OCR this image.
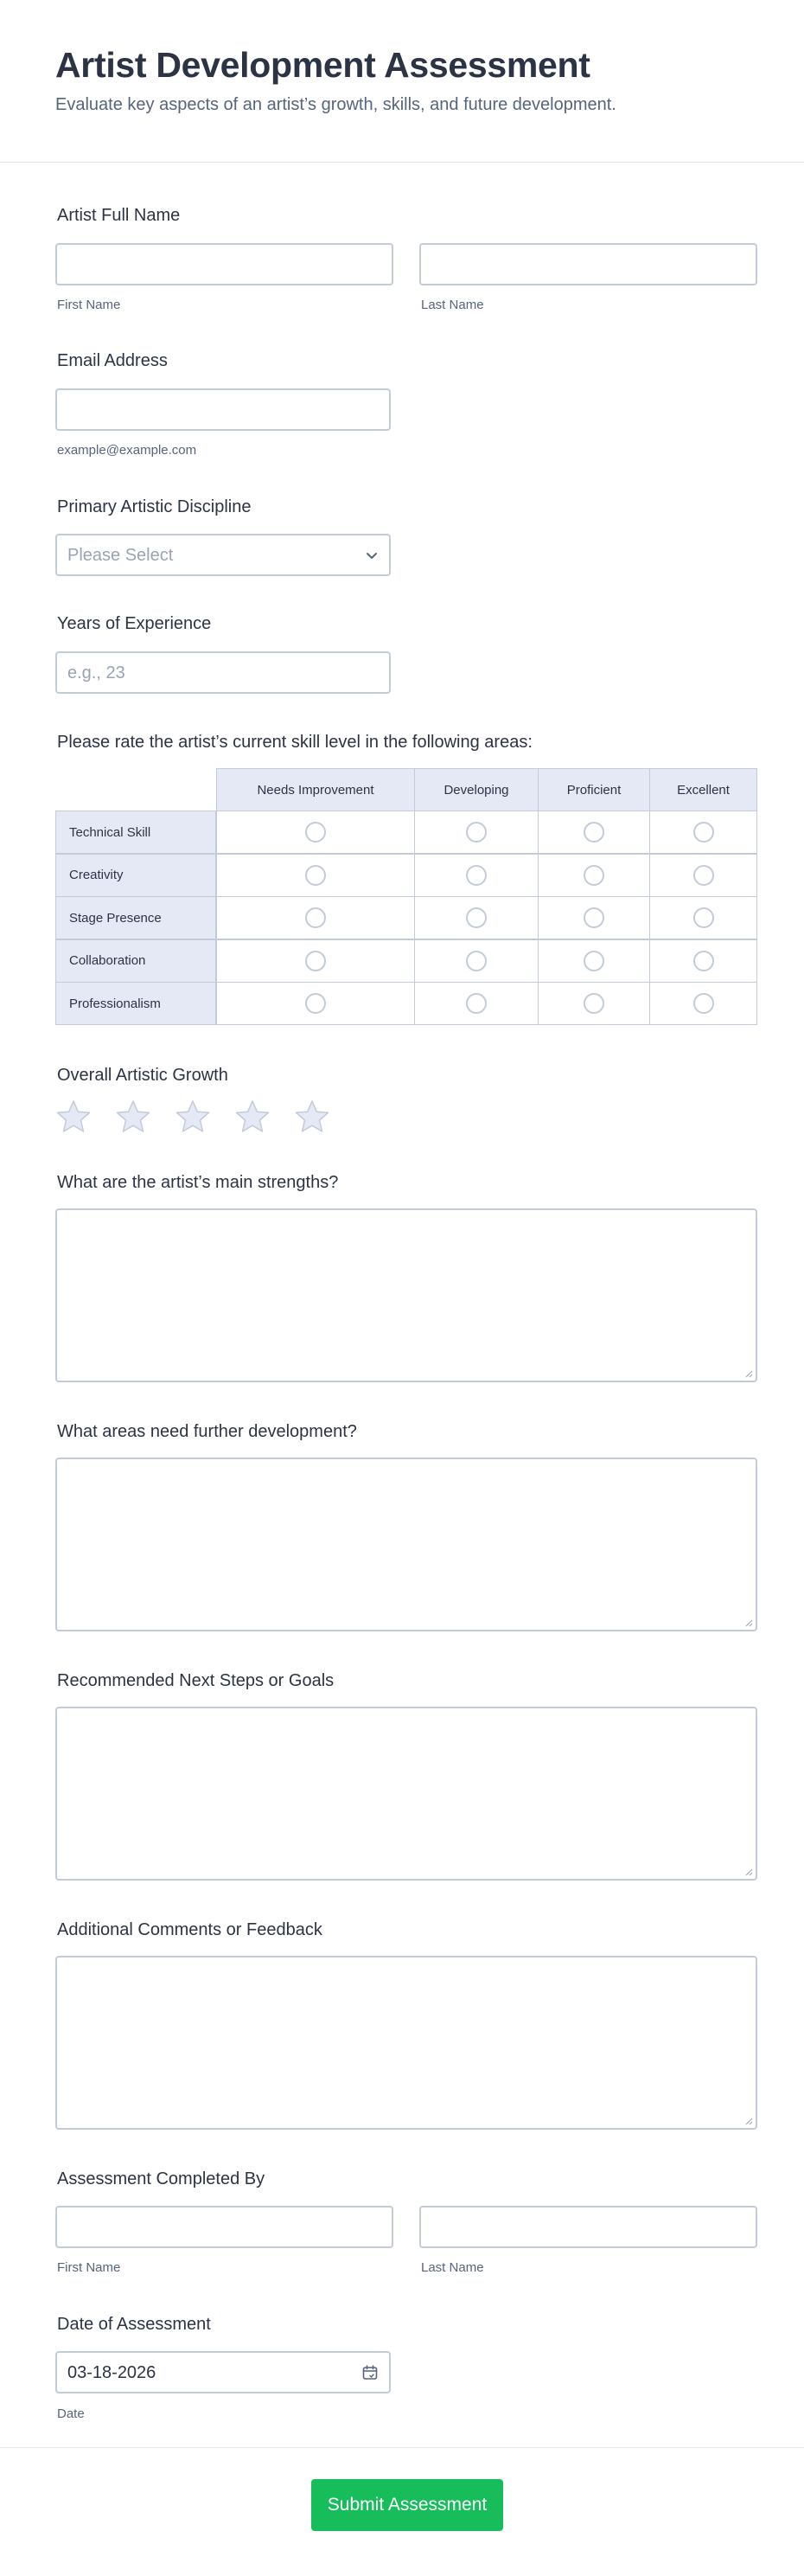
Artist Development Assessment
Evaluate key aspects of an artist’s growth, skills, and future development.
Artist Full Name
First Name	Last Name
Email Address
example@example.com
Primary Artistic Discipline
Please Select
Years of Experience
e.g., 23
Please rate the artist’s current skill level in the following areas:
Needs Improvement	Developing	Proficient	Excellent
Technical Skill
Creativity
Stage Presence
Collaboration
Professionalism
Overall Artistic Growth
What are the artist’s main strengths?
What areas need further development?
Recommended Next Steps or Goals
Additional Comments or Feedback
Assessment Completed By
First Name	Last Name
Date of Assessment
03-18-2026
Date
Submit Assessment
